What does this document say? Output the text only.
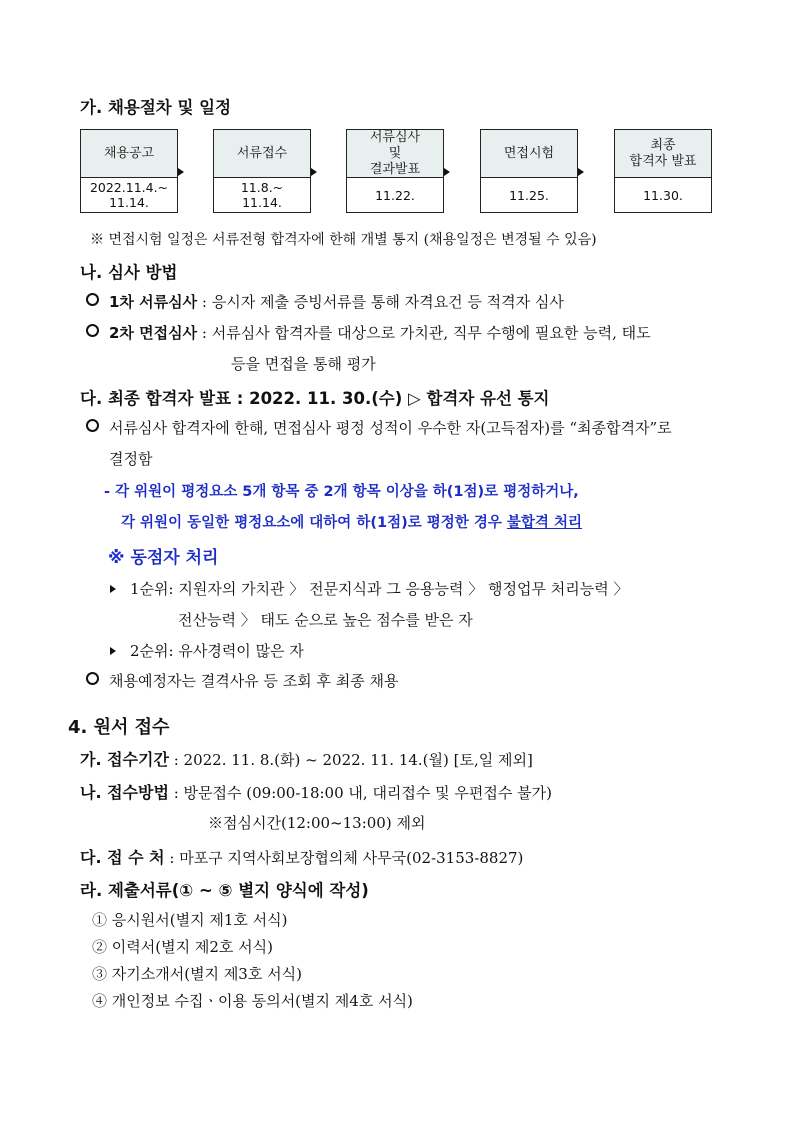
가. 채용절차 및 일정
채용공고
2022.11.4.~
11.14.
서류접수
11.8.~
11.14.
서류심사
및
결과발표
11.22.
면접시험
11.25.
최종
합격자 발표
11.30.
※ 면접시험 일정은 서류전형 합격자에 한해 개별 통지 (채용일정은 변경될 수 있음)
나. 심사 방법
1차 서류심사 : 응시자 제출 증빙서류를 통해 자격요건 등 적격자 심사
2차 면접심사 : 서류심사 합격자를 대상으로 가치관, 직무 수행에 필요한 능력, 태도
등을 면접을 통해 평가
다. 최종 합격자 발표 : 2022. 11. 30.(수) ▷ 합격자 유선 통지
서류심사 합격자에 한해, 면접심사 평정 성적이 우수한 자(고득점자)를 “최종합격자”로
결정함
- 각 위원이 평정요소 5개 항목 중 2개 항목 이상을 하(1점)로 평정하거나,
각 위원이 동일한 평정요소에 대하여 하(1점)로 평정한 경우 불합격 처리
※ 동점자 처리
1순위: 지원자의 가치관 〉 전문지식과 그 응용능력 〉 행정업무 처리능력 〉
전산능력 〉 태도 순으로 높은 점수를 받은 자
2순위: 유사경력이 많은 자
채용예정자는 결격사유 등 조회 후 최종 채용
4. 원서 접수
가. 접수기간 : 2022. 11. 8.(화) ~ 2022. 11. 14.(월) [토,일 제외]
나. 접수방법 : 방문접수 (09:00-18:00 내, 대리접수 및 우편접수 불가)
※점심시간(12:00~13:00) 제외
다. 접 수 처 : 마포구 지역사회보장협의체 사무국(02-3153-8827)
라. 제출서류(① ~ ⑤ 별지 양식에 작성)
① 응시원서(별지 제1호 서식)
② 이력서(별지 제2호 서식)
③ 자기소개서(별지 제3호 서식)
④ 개인정보 수집ㆍ이용 동의서(별지 제4호 서식)
